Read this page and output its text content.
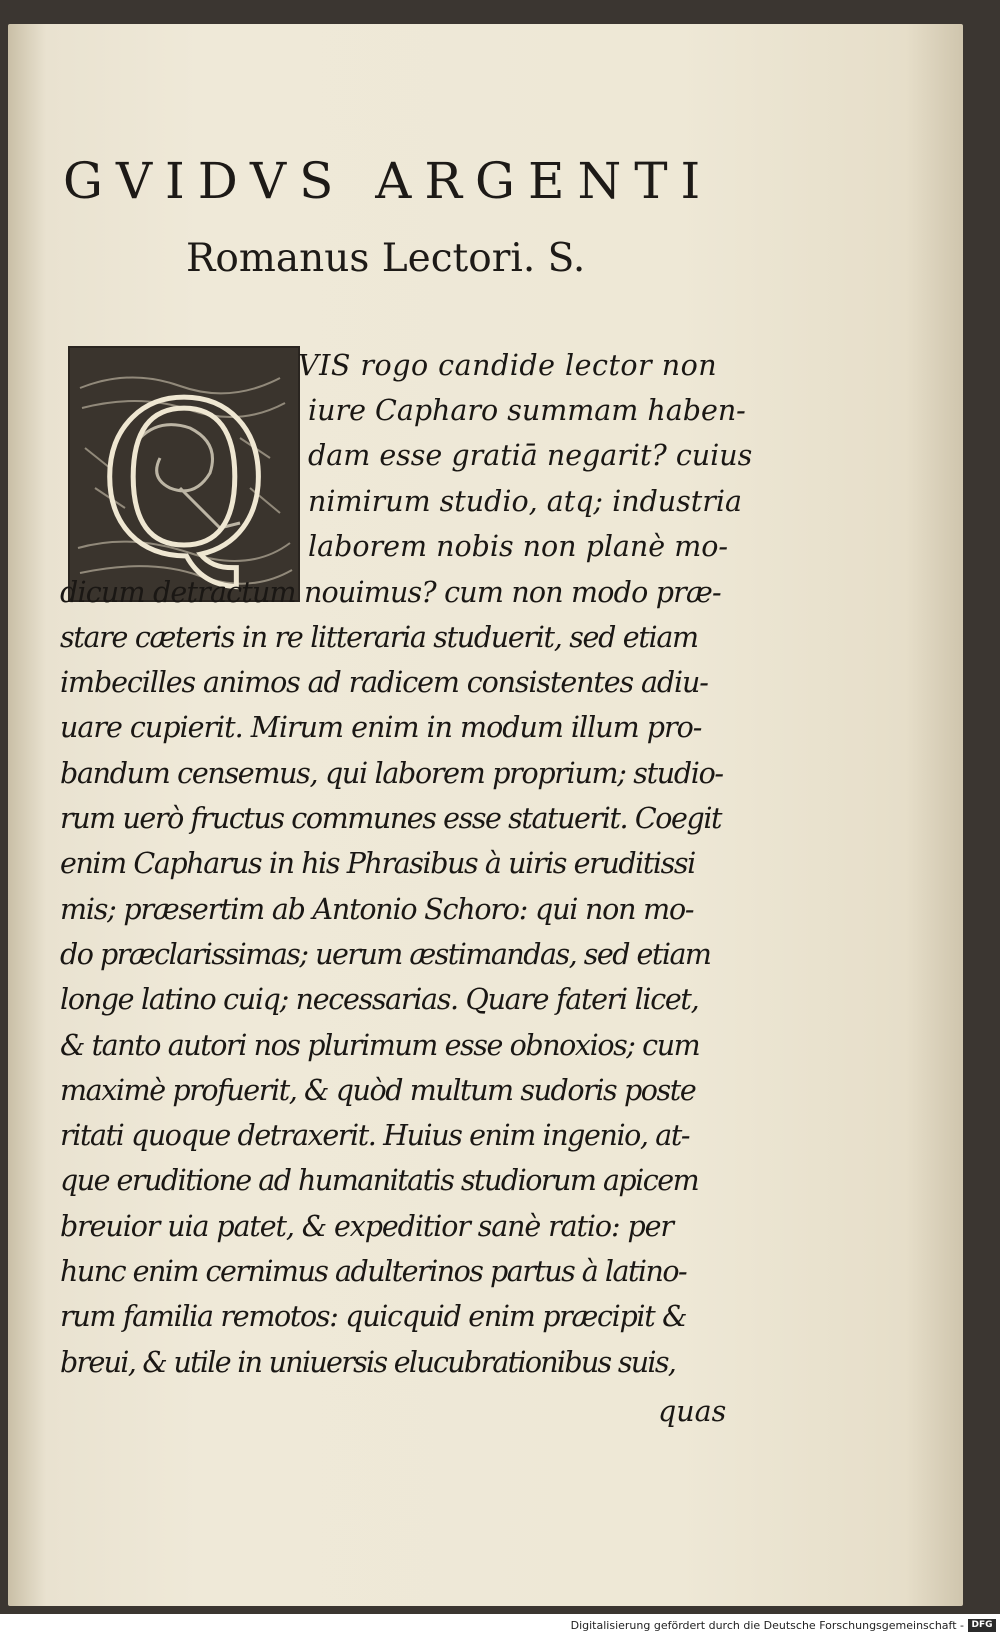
GVIDVS ARGENTI
Romanus Lectori. S.
Q VIS rogo candide lector non
iure Capharo summam haben-
dam esse gratiā negarit? cuius
nimirum studio, atq; industria
laborem nobis non planè mo-
dicum detractum nouimus? cum non modo præ-
stare cæteris in re litteraria studuerit, sed etiam
imbecilles animos ad radicem consistentes adiu-
uare cupierit. Mirum enim in modum illum pro-
bandum censemus, qui laborem proprium; studio-
rum uerò fructus communes esse statuerit. Coegit
enim Capharus in his Phrasibus à uiris eruditissi
mis; præsertim ab Antonio Schoro: qui non mo-
do præclarissimas; uerum æstimandas, sed etiam
longe latino cuiq; necessarias. Quare fateri licet,
& tanto autori nos plurimum esse obnoxios; cum
maximè profuerit, & quòd multum sudoris poste
ritati quoque detraxerit. Huius enim ingenio, at-
que eruditione ad humanitatis studiorum apicem
breuior uia patet, & expeditior sanè ratio: per
hunc enim cernimus adulterinos partus à latino-
rum familia remotos: quicquid enim præcipit &
breui, & utile in uniuersis elucubrationibus suis,
quas
Digitalisierung gefördert durch die Deutsche Forschungsgemeinschaft - DFG
